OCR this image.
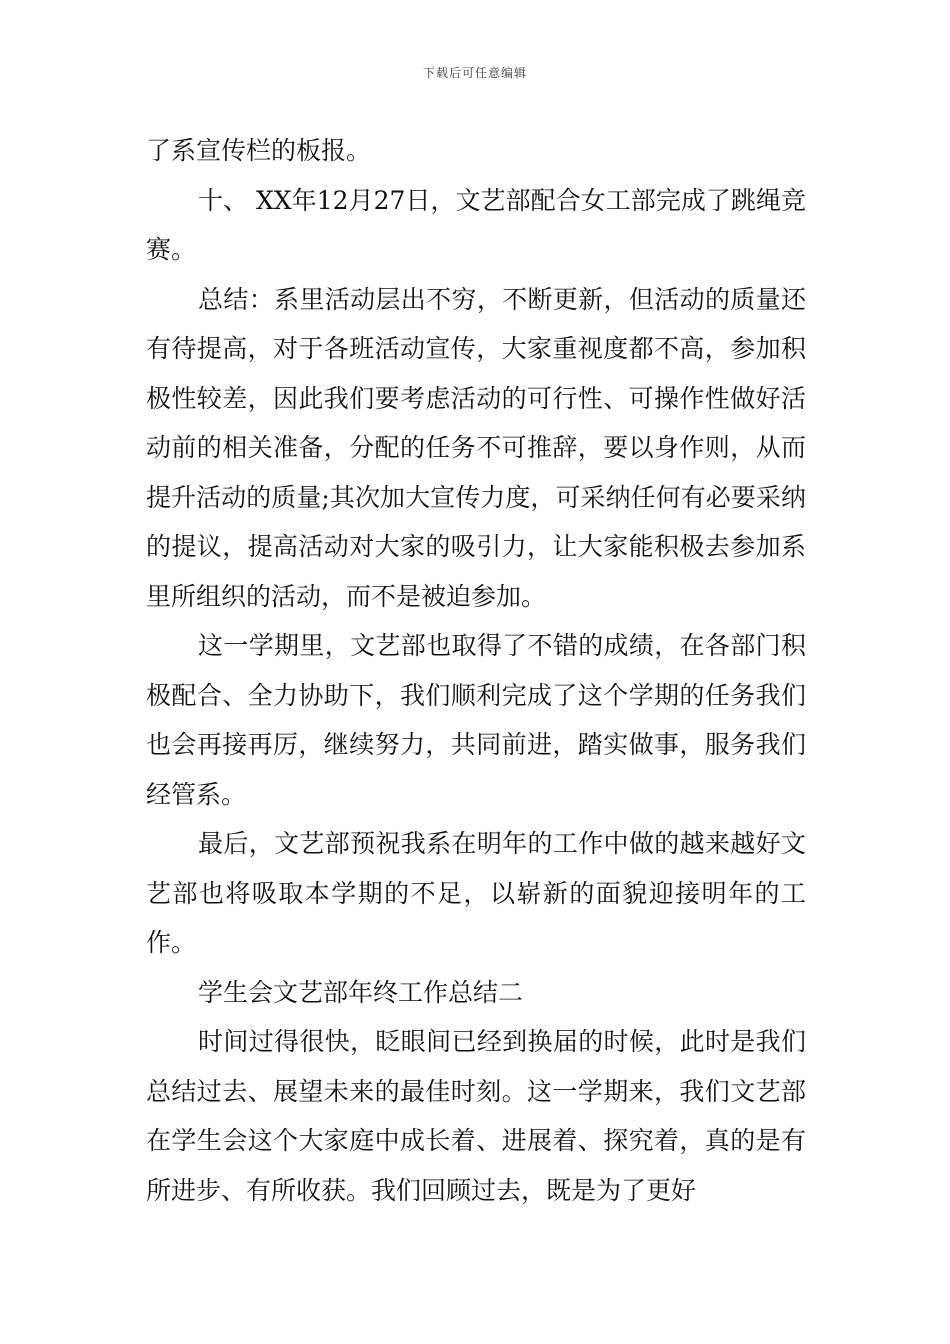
下载后可任意编辑

了系宣传栏的板报。

十、 XX年12月27日，文艺部配合女工部完成了跳绳竞赛。

总结：系里活动层出不穷，不断更新，但活动的质量还有待提高，对于各班活动宣传，大家重视度都不高，参加积极性较差，因此我们要考虑活动的可行性、可操作性做好活动前的相关准备，分配的任务不可推辞，要以身作则，从而提升活动的质量;其次加大宣传力度，可采纳任何有必要采纳的提议，提高活动对大家的吸引力，让大家能积极去参加系里所组织的活动，而不是被迫参加。

这一学期里，文艺部也取得了不错的成绩，在各部门积极配合、全力协助下，我们顺利完成了这个学期的任务我们也会再接再厉，继续努力，共同前进，踏实做事，服务我们经管系。

最后，文艺部预祝我系在明年的工作中做的越来越好文艺部也将吸取本学期的不足，以崭新的面貌迎接明年的工作。

学生会文艺部年终工作总结二

时间过得很快，眨眼间已经到换届的时候，此时是我们总结过去、展望未来的最佳时刻。这一学期来，我们文艺部在学生会这个大家庭中成长着、进展着、探究着，真的是有所进步、有所收获。我们回顾过去，既是为了更好
